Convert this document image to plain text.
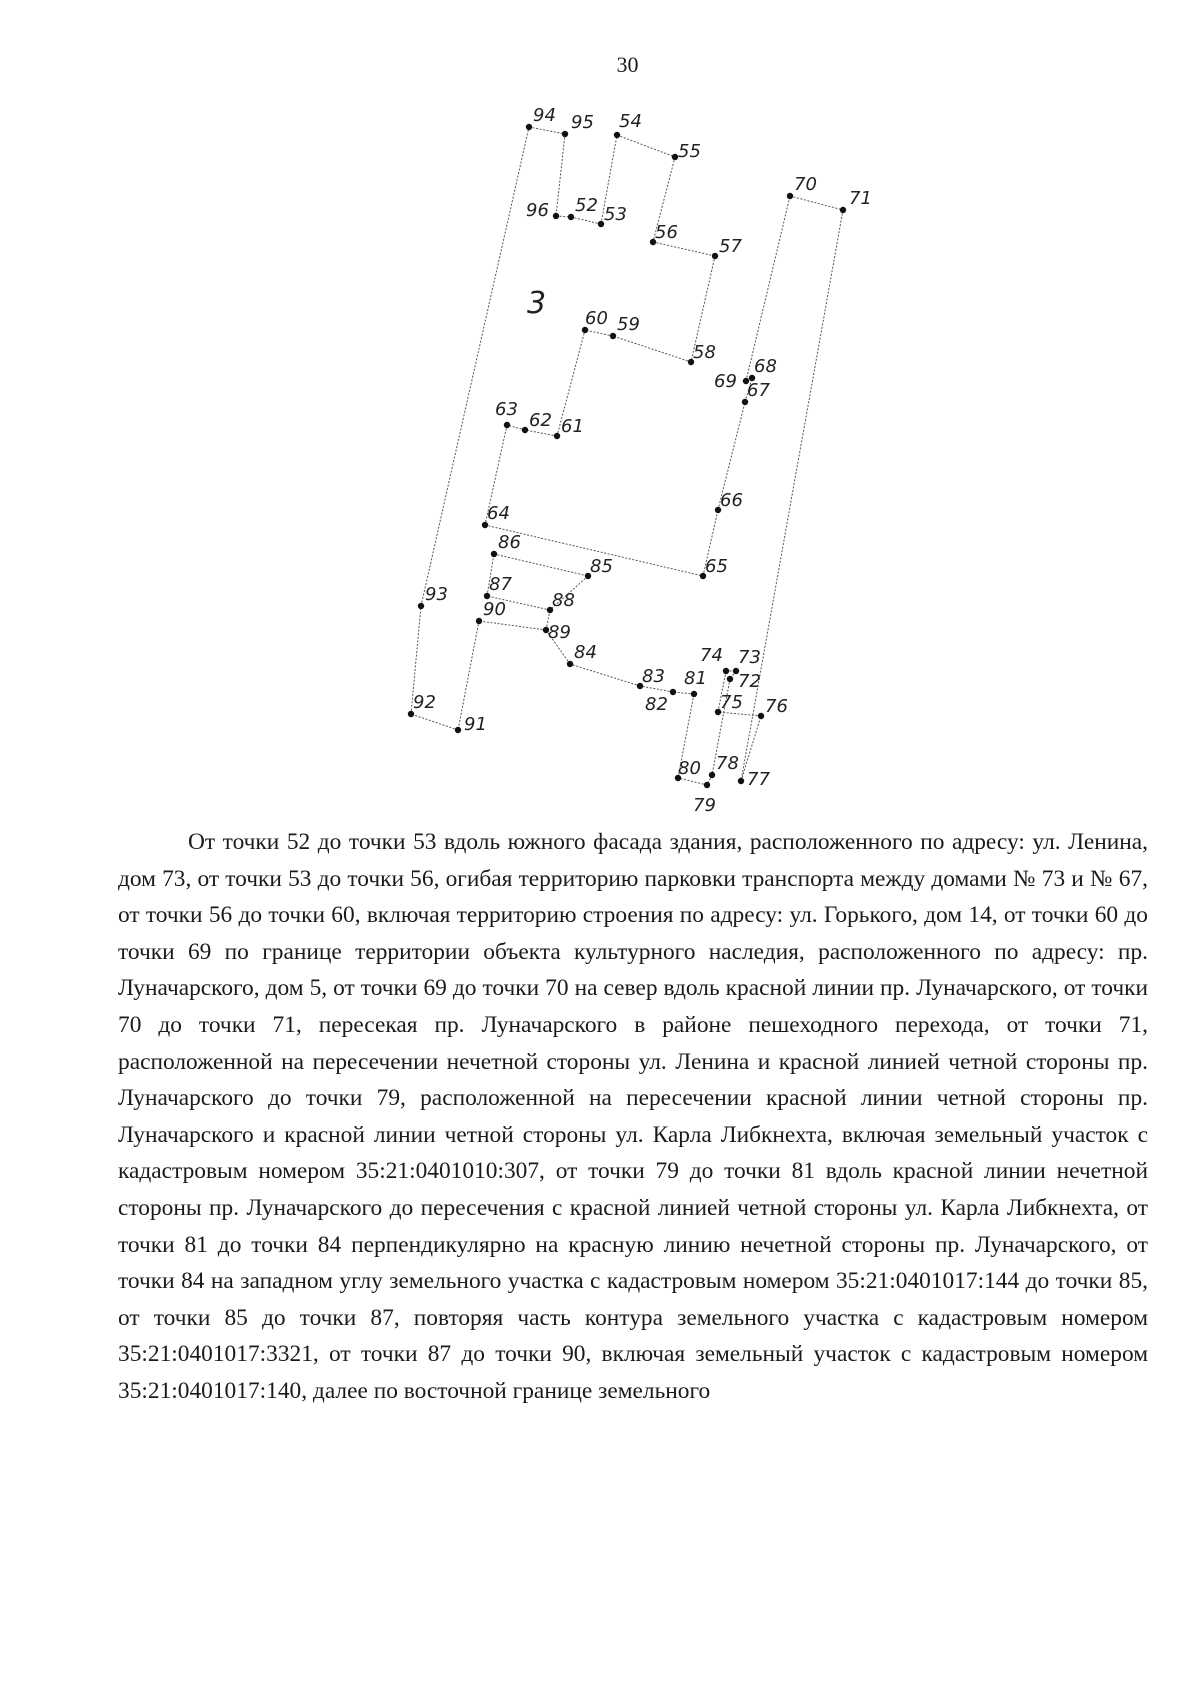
30
94 95 54
55
96 52 53
56
57
70
71
60 59
58
69
68
67
63
62 61
66
64
86
85	65
93 87
88
90
89
84
83
82
81
74 73
72
75 76
92
91
80 78
77
79
3

От точки 52 до точки 53 вдоль южного фасада здания, расположенного по адресу: ул. Ленина, дом 73, от точки 53 до точки 56, огибая территорию парковки транспорта между домами № 73 и № 67, от точки 56 до точки 60, включая территорию строения по адресу: ул. Горького, дом 14, от точки 60 до точки 69 по границе территории объекта культурного наследия, расположенного по адресу: пр. Луначарского, дом 5, от точки 69 до точки 70 на север вдоль красной линии пр. Луначарского, от точки 70 до точки 71, пересекая пр. Луначарского в районе пешеходного перехода, от точки 71, расположенной на пересечении нечетной стороны ул. Ленина и красной линией четной стороны пр. Луначарского до точки 79, расположенной на пересечении красной линии четной стороны пр. Луначарского и красной линии четной стороны ул. Карла Либкнехта, включая земельный участок с кадастровым номером 35:21:0401010:307, от точки 79 до точки 81 вдоль красной линии нечетной стороны пр. Луначарского до пересечения с красной линией четной стороны ул. Карла Либкнехта, от точки 81 до точки 84 перпендикулярно на красную линию нечетной стороны пр. Луначарского, от точки 84 на западном углу земельного участка с кадастровым номером 35:21:0401017:144 до точки 85, от точки 85 до точки 87, повторяя часть контура земельного участка с кадастровым номером 35:21:0401017:3321, от точки 87 до точки 90, включая земельный участок с кадастровым номером 35:21:0401017:140, далее по восточной границе земельного
